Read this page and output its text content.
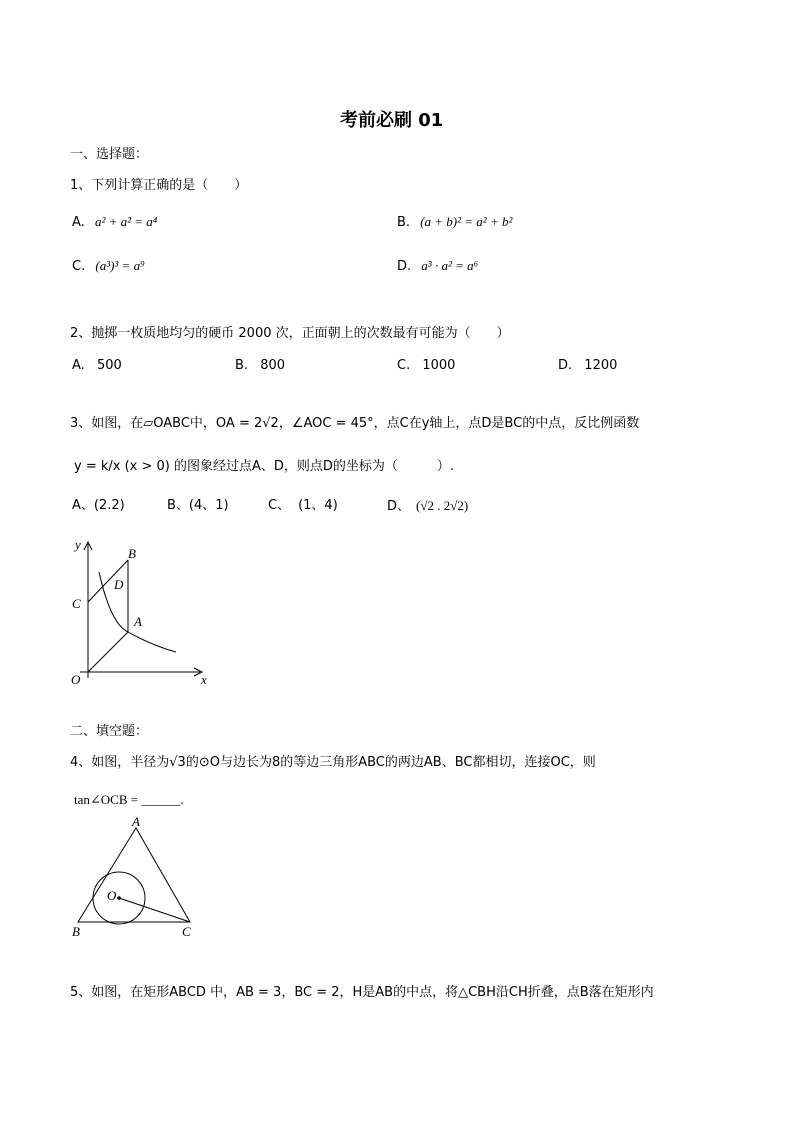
考前必刷 01
一、选择题：
1、下列计算正确的是（　　）
A. a² + a² = a⁴	B. (a + b)² = a² + b²
C. (a³)³ = a⁹	D. a³ · a² = a⁶
2、抛掷一枚质地均匀的硬币 2000 次，正面朝上的次数最有可能为（　　）
A. 500	B. 800	C. 1000	D. 1200
3、如图，在▱OABC中，OA = 2√2，∠AOC = 45°，点C在y轴上，点D是BC的中点，反比例函数
y = k/x (x > 0) 的图象经过点A、D，则点D的坐标为（　　　）.
A、(2.2)	B、(4、1)	C、 (1、4)	D、 (√2 . 2√2)
y
x
O
C
B
D
A
二、填空题：
4、如图，半径为√3的⊙O与边长为8的等边三角形ABC的两边AB、BC都相切，连接OC，则
tan∠OCB = ______.
A
B	C
O
5、如图，在矩形ABCD 中，AB = 3，BC = 2，H是AB的中点，将△CBH沿CH折叠，点B落在矩形内
